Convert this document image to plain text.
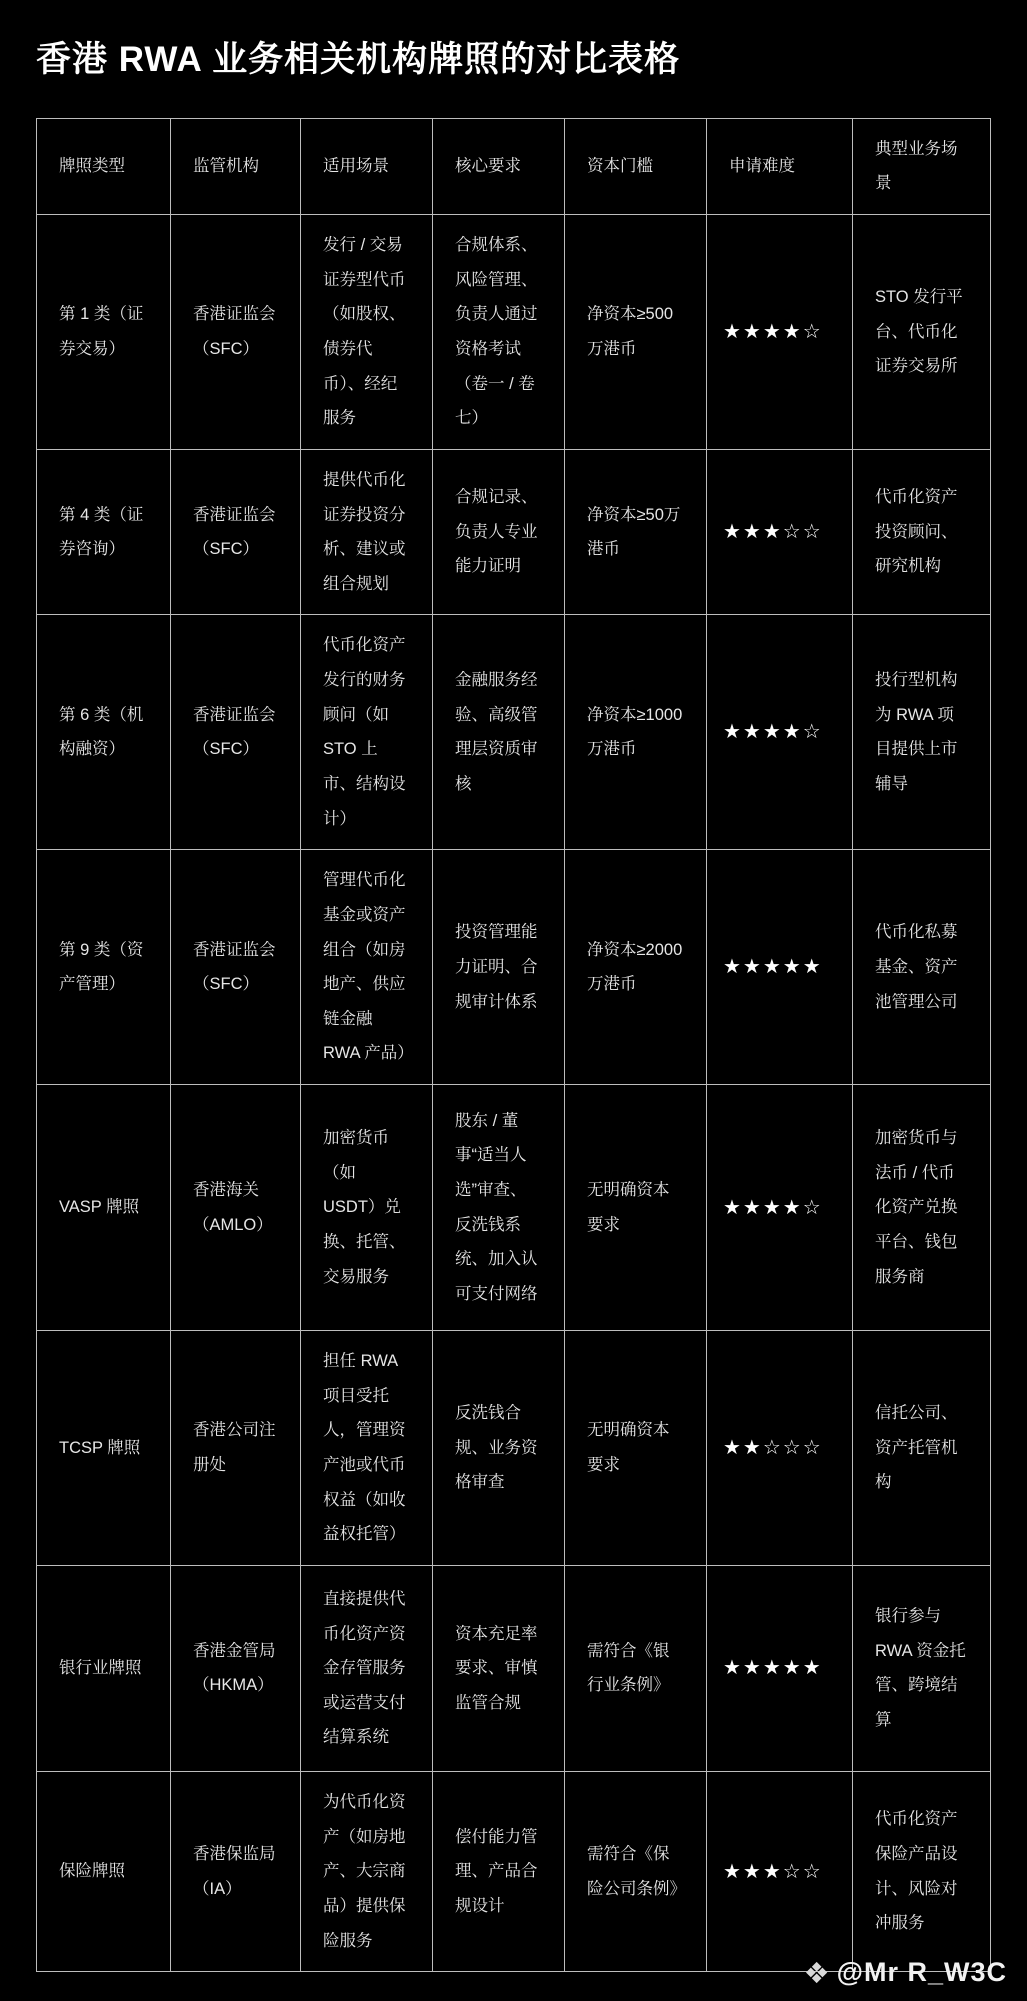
香港 RWA 业务相关机构牌照的对比表格
牌照类型	监管机构	适用场景	核心要求	资本门槛	申请难度	典型业务场景
第 1 类（证券交易）	香港证监会（SFC）	发行 / 交易证券型代币（如股权、债券代币）、经纪服务	合规体系、风险管理、负责人通过资格考试（卷一 / 卷七）	净资本≥500万港币	★★★★☆	STO 发行平台、代币化证券交易所
第 4 类（证券咨询）	香港证监会（SFC）	提供代币化证券投资分析、建议或组合规划	合规记录、负责人专业能力证明	净资本≥50万港币	★★★☆☆	代币化资产投资顾问、研究机构
第 6 类（机构融资）	香港证监会（SFC）	代币化资产发行的财务顾问（如 STO 上市、结构设计）	金融服务经验、高级管理层资质审核	净资本≥1000 万港币	★★★★☆	投行型机构为 RWA 项目提供上市辅导
第 9 类（资产管理）	香港证监会（SFC）	管理代币化基金或资产组合（如房地产、供应链金融 RWA 产品）	投资管理能力证明、合规审计体系	净资本≥2000 万港币	★★★★★	代币化私募基金、资产池管理公司
VASP 牌照	香港海关（AMLO）	加密货币（如 USDT）兑换、托管、交易服务	股东 / 董事“适当人选”审查、反洗钱系统、加入认可支付网络	无明确资本要求	★★★★☆	加密货币与法币 / 代币化资产兑换平台、钱包服务商
TCSP 牌照	香港公司注册处	担任 RWA 项目受托人，管理资产池或代币权益（如收益权托管）	反洗钱合规、业务资格审查	无明确资本要求	★★☆☆☆	信托公司、资产托管机构
银行业牌照	香港金管局（HKMA）	直接提供代币化资产资金存管服务或运营支付结算系统	资本充足率要求、审慎监管合规	需符合《银行业条例》	★★★★★	银行参与 RWA 资金托管、跨境结算
保险牌照	香港保监局（IA）	为代币化资产（如房地产、大宗商品）提供保险服务	偿付能力管理、产品合规设计	需符合《保险公司条例》	★★★☆☆	代币化资产保险产品设计、风险对冲服务
❖ @Mr R_W3C
